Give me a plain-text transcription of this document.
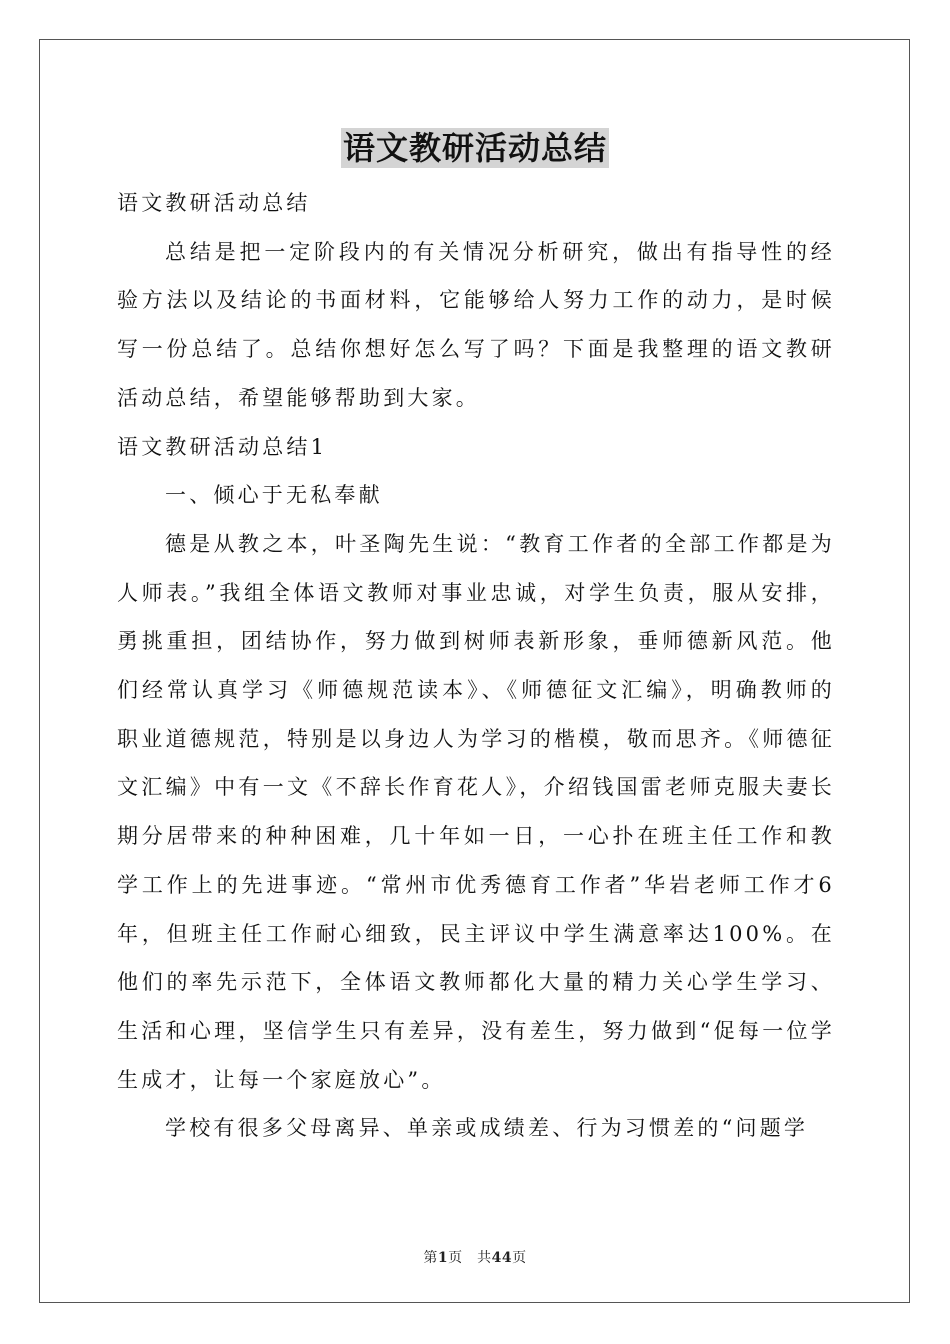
语文教研活动总结

语文教研活动总结

总结是把一定阶段内的有关情况分析研究，做出有指导性的经验方法以及结论的书面材料，它能够给人努力工作的动力，是时候写一份总结了。总结你想好怎么写了吗？下面是我整理的语文教研活动总结，希望能够帮助到大家。

语文教研活动总结1

一、倾心于无私奉献

德是从教之本，叶圣陶先生说：“教育工作者的全部工作都是为人师表。”我组全体语文教师对事业忠诚，对学生负责，服从安排，勇挑重担，团结协作，努力做到树师表新形象，垂师德新风范。他们经常认真学习《师德规范读本》、《师德征文汇编》，明确教师的职业道德规范，特别是以身边人为学习的楷模，敬而思齐。《师德征文汇编》中有一文《不辞长作育花人》，介绍钱国雷老师克服夫妻长期分居带来的种种困难，几十年如一日，一心扑在班主任工作和教学工作上的先进事迹。“常州市优秀德育工作者”华岩老师工作才6年，但班主任工作耐心细致，民主评议中学生满意率达100%。在他们的率先示范下，全体语文教师都化大量的精力关心学生学习、生活和心理，坚信学生只有差异，没有差生，努力做到“促每一位学生成才，让每一个家庭放心”。

学校有很多父母离异、单亲或成绩差、行为习惯差的“问题学

第1页　共44页
